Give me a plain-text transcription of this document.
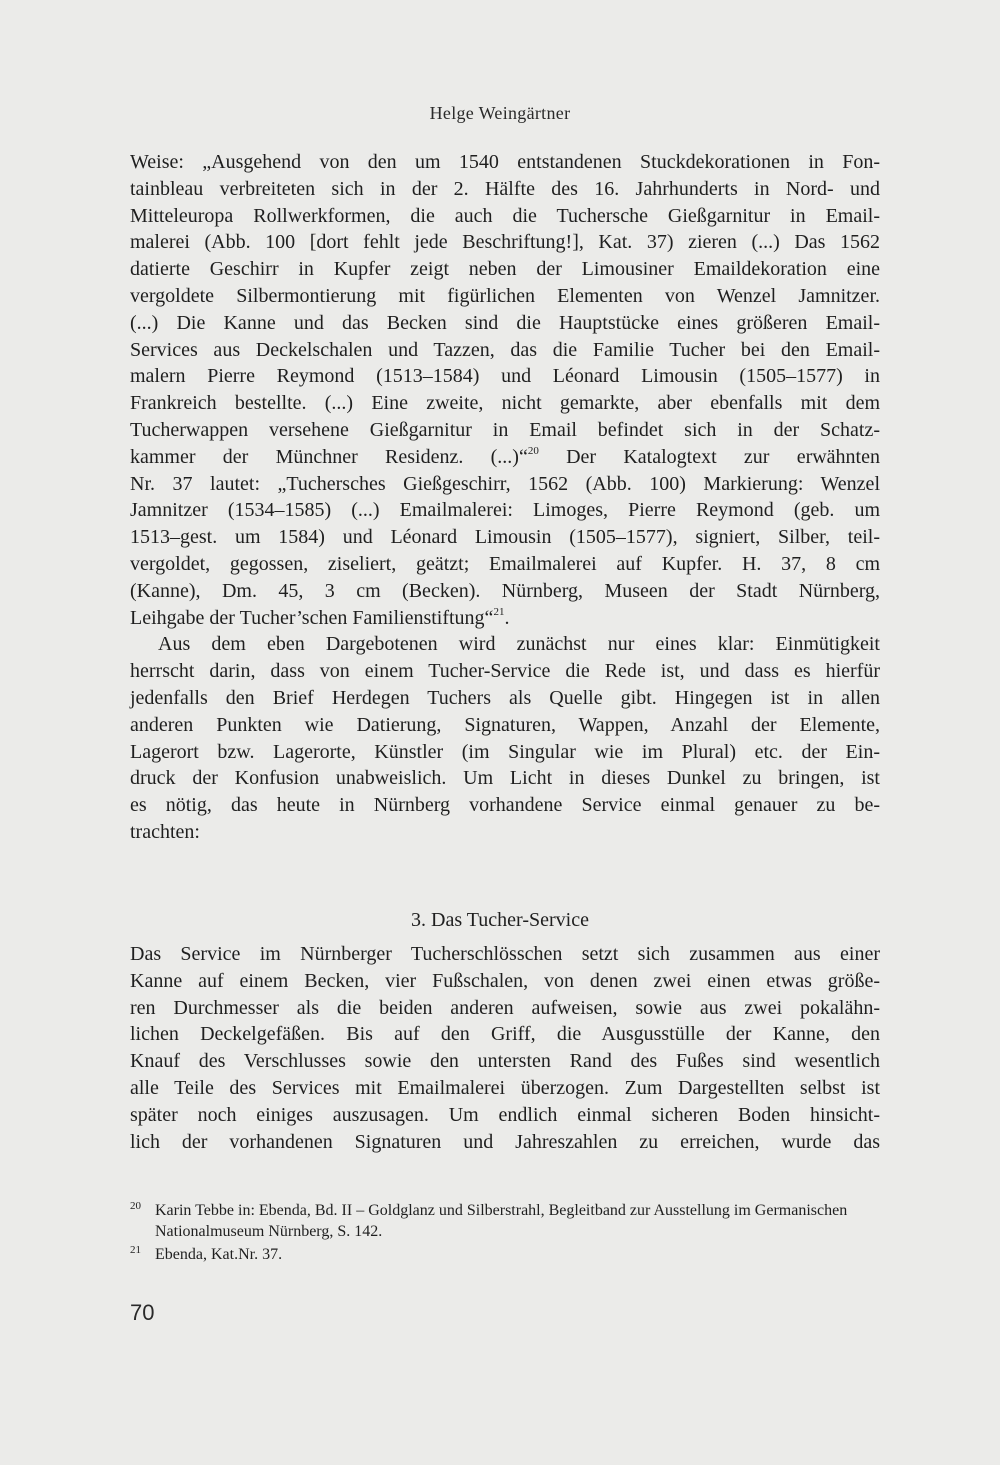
Helge Weingärtner

Weise: „Ausgehend von den um 1540 entstandenen Stuckdekorationen in Fon-
tainbleau verbreiteten sich in der 2. Hälfte des 16. Jahrhunderts in Nord- und
Mitteleuropa Rollwerkformen, die auch die Tuchersche Gießgarnitur in Email-
malerei (Abb. 100 [dort fehlt jede Beschriftung!], Kat. 37) zieren (...) Das 1562
datierte Geschirr in Kupfer zeigt neben der Limousiner Emaildekoration eine
vergoldete Silbermontierung mit figürlichen Elementen von Wenzel Jamnitzer.
(...) Die Kanne und das Becken sind die Hauptstücke eines größeren Email-
Services aus Deckelschalen und Tazzen, das die Familie Tucher bei den Email-
malern Pierre Reymond (1513–1584) und Léonard Limousin (1505–1577) in
Frankreich bestellte. (...) Eine zweite, nicht gemarkte, aber ebenfalls mit dem
Tucherwappen versehene Gießgarnitur in Email befindet sich in der Schatz-
kammer der Münchner Residenz. (...)“$^{20}$ Der Katalogtext zur erwähnten
Nr. 37 lautet: „Tuchersches Gießgeschirr, 1562 (Abb. 100) Markierung: Wenzel
Jamnitzer (1534–1585) (...) Emailmalerei: Limoges, Pierre Reymond (geb. um
1513–gest. um 1584) und Léonard Limousin (1505–1577), signiert, Silber, teil-
vergoldet, gegossen, ziseliert, geätzt; Emailmalerei auf Kupfer. H. 37, 8 cm
(Kanne), Dm. 45, 3 cm (Becken). Nürnberg, Museen der Stadt Nürnberg,
Leihgabe der Tucher’schen Familienstiftung“$^{21}$.

Aus dem eben Dargebotenen wird zunächst nur eines klar: Einmütigkeit
herrscht darin, dass von einem Tucher-Service die Rede ist, und dass es hierfür
jedenfalls den Brief Herdegen Tuchers als Quelle gibt. Hingegen ist in allen
anderen Punkten wie Datierung, Signaturen, Wappen, Anzahl der Elemente,
Lagerort bzw. Lagerorte, Künstler (im Singular wie im Plural) etc. der Ein-
druck der Konfusion unabweislich. Um Licht in dieses Dunkel zu bringen, ist
es nötig, das heute in Nürnberg vorhandene Service einmal genauer zu be-
trachten:

3. Das Tucher-Service

Das Service im Nürnberger Tucherschlösschen setzt sich zusammen aus einer
Kanne auf einem Becken, vier Fußschalen, von denen zwei einen etwas größe-
ren Durchmesser als die beiden anderen aufweisen, sowie aus zwei pokalähn-
lichen Deckelgefäßen. Bis auf den Griff, die Ausgusstülle der Kanne, den
Knauf des Verschlusses sowie den untersten Rand des Fußes sind wesentlich
alle Teile des Services mit Emailmalerei überzogen. Zum Dargestellten selbst ist
später noch einiges auszusagen. Um endlich einmal sicheren Boden hinsicht-
lich der vorhandenen Signaturen und Jahreszahlen zu erreichen, wurde das

20 Karin Tebbe in: Ebenda, Bd. II – Goldglanz und Silberstrahl, Begleitband zur Ausstellung im Germanischen Nationalmuseum Nürnberg, S. 142.
21 Ebenda, Kat.Nr. 37.
70
